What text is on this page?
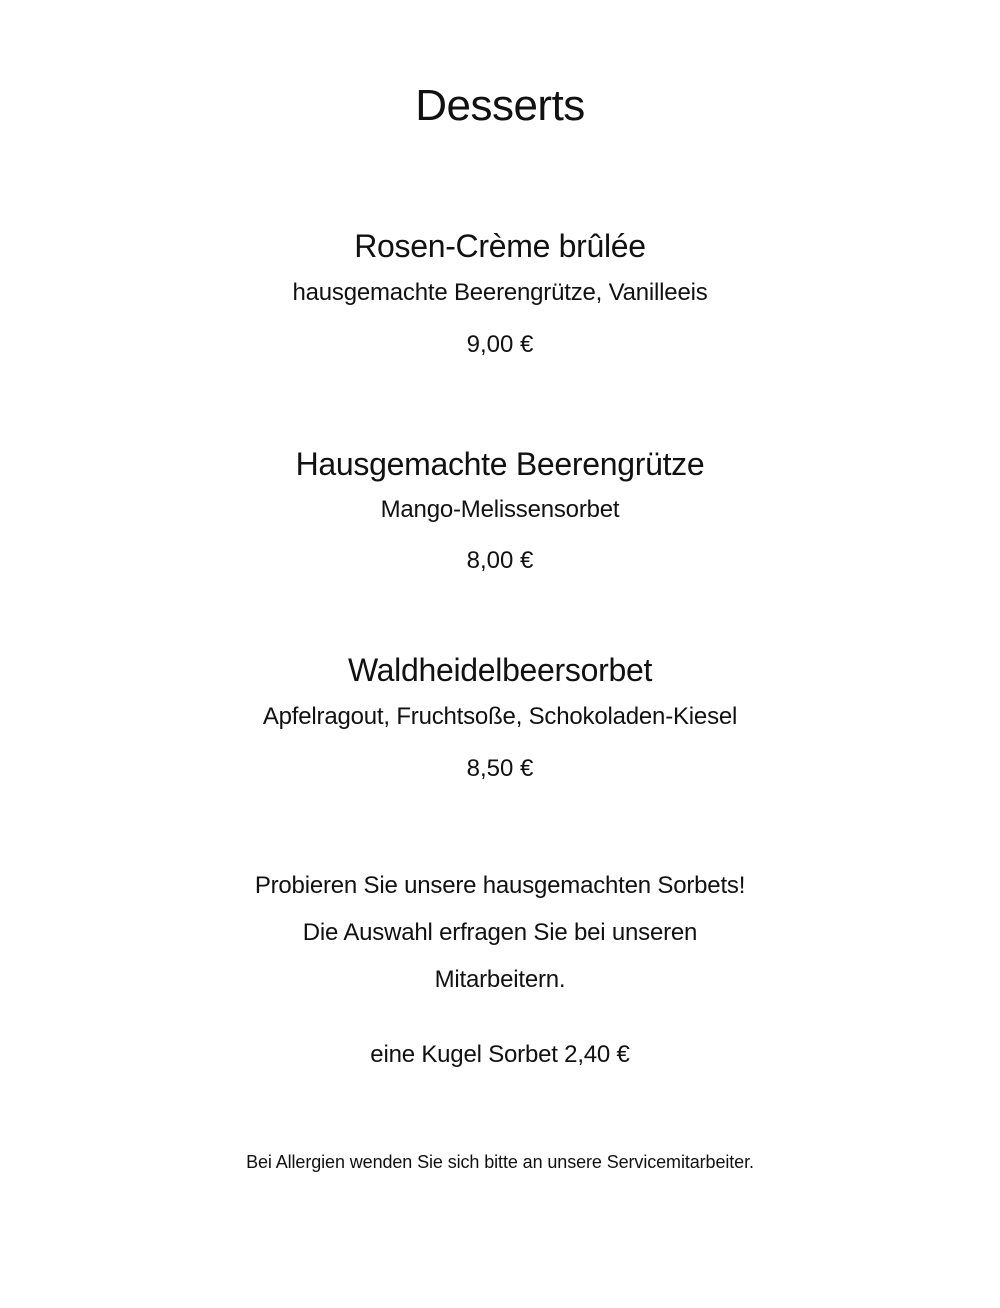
Desserts
Rosen-Crème brûlée
hausgemachte Beerengrütze, Vanilleeis
9,00 €
Hausgemachte Beerengrütze
Mango-Melissensorbet
8,00 €
Waldheidelbeersorbet
Apfelragout, Fruchtsoße, Schokoladen-Kiesel
8,50 €
Probieren Sie unsere hausgemachten Sorbets!
Die Auswahl erfragen Sie bei unseren
Mitarbeitern.
eine Kugel Sorbet 2,40 €
Bei Allergien wenden Sie sich bitte an unsere Servicemitarbeiter.
